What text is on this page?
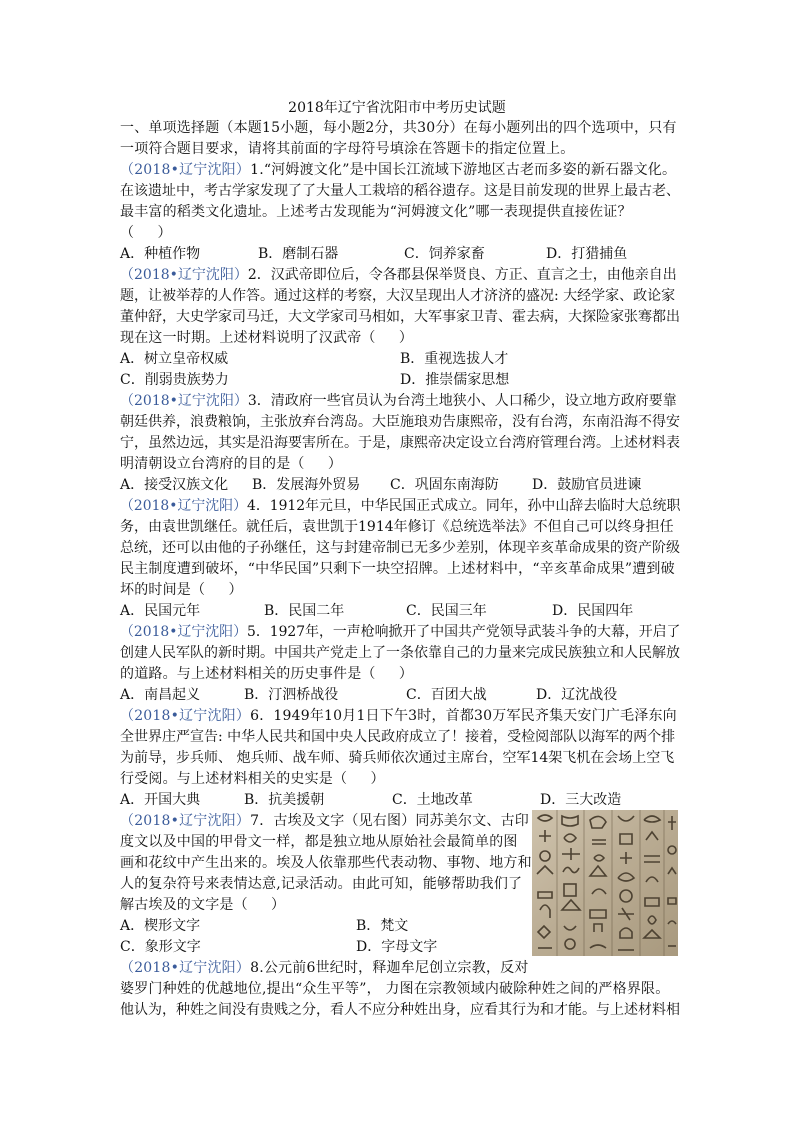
2018年辽宁省沈阳市中考历史试题
一、单项选择题（本题15小题，每小题2分，共30分）在每小题列出的四个选项中，只有
一项符合题目要求，请将其前面的字母符号填涂在答题卡的指定位置上。
（2018•辽宁沈阳）1.“河姆渡文化”是中国长江流域下游地区古老而多姿的新石器文化。
在该遗址中，考古学家发现了了大量人工栽培的稻谷遗存。这是目前发现的世界上最古老、
最丰富的稻类文化遗址。上述考古发现能为“河姆渡文化”哪一表现提供直接佐证？
（     ）
A．种植作物	B．磨制石器	C．饲养家畜	D．打猎捕鱼
（2018•辽宁沈阳）2．汉武帝即位后，令各郡县保举贤良、方正、直言之士，由他亲自出
题，让被举荐的人作答。通过这样的考察，大汉呈现出人才济济的盛况: 大经学家、政论家
董仲舒，大史学家司马迁，大文学家司马相如，大军事家卫青、霍去病，大探险家张骞都出
现在这一时期。上述材料说明了汉武帝（     ）
A．树立皇帝权威	B．重视选拔人才
C．削弱贵族势力	D．推崇儒家思想
（2018•辽宁沈阳）3．清政府一些官员认为台湾土地狭小、人口稀少，设立地方政府要靠
朝廷供养，浪费粮饷，主张放弃台湾岛。大臣施琅劝告康熙帝，没有台湾，东南沿海不得安
宁，虽然边远，其实是沿海要害所在。于是，康熙帝决定设立台湾府管理台湾。上述材料表
明清朝设立台湾府的目的是（     ）
A．接受汉族文化 B．发展海外贸易 C．巩固东南海防 D．鼓励官员进谏
（2018•辽宁沈阳）4．1912年元旦，中华民国正式成立。同年，孙中山辞去临时大总统职
务，由袁世凯继任。就任后，袁世凯于1914年修订《总统选举法》不但自己可以终身担任
总统，还可以由他的子孙继任，这与封建帝制已无多少差别，体现辛亥革命成果的资产阶级
民主制度遭到破坏，“中华民国”只剩下一块空招牌。上述材料中，“辛亥革命成果”遭到破
坏的时间是（     ）
A．民国元年	B．民国二年	C．民国三年	D．民国四年
（2018•辽宁沈阳）5．1927年，一声枪响掀开了中国共产党领导武装斗争的大幕，开启了
创建人民军队的新时期。中国共产党走上了一条依靠自己的力量来完成民族独立和人民解放
的道路。与上述材料相关的历史事件是（     ）
A．南昌起义	B．汀泗桥战役	C．百团大战	D．辽沈战役
（2018•辽宁沈阳）6．1949年10月1日下午3时，首都30万军民齐集天安门广毛泽东向
全世界庄严宣告: 中华人民共和国中央人民政府成立了！接着，受检阅部队以海军的两个排
为前导，步兵师、 炮兵师、战车师、骑兵师依次通过主席台，空军14架飞机在会场上空飞
行受阅。与上述材料相关的史实是（     ）
A．开国大典	B．抗美援朝	C．土地改革	D．三大改造
（2018•辽宁沈阳）7．古埃及文字（见右图）同苏美尔文、古印
度文以及中国的甲骨文一样，都是独立地从原始社会最简单的图
画和花纹中产生出来的。埃及人依靠那些代表动物、事物、地方和
人的复杂符号来表情达意,记录活动。由此可知，能够帮助我们了
解古埃及的文字是（     ）
A．楔形文字	B．梵文
C．象形文字	D．字母文字
（2018•辽宁沈阳）8.公元前6世纪时，释迦牟尼创立宗教，反对
婆罗门种姓的优越地位,提出“众生平等”， 力图在宗教领域内破除种姓之间的严格界限。
他认为，种姓之间没有贵贱之分，看人不应分种姓出身，应看其行为和才能。与上述材料相
